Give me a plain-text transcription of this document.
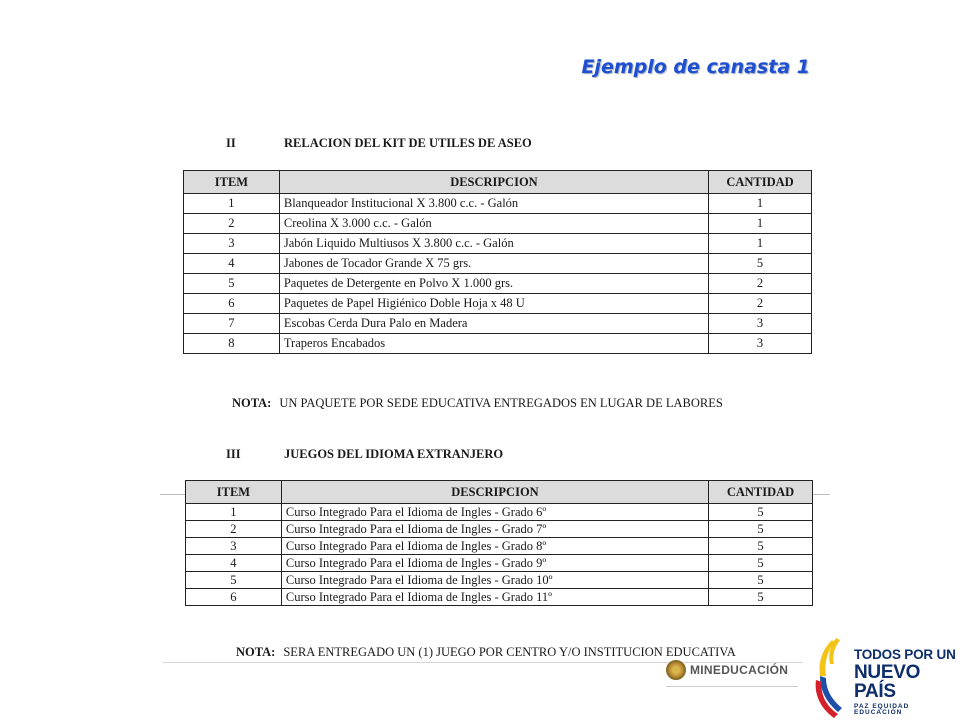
Ejemplo de canasta 1
II	RELACION DEL KIT DE UTILES DE ASEO
ITEM	DESCRIPCION	CANTIDAD
1	Blanqueador Institucional X 3.800 c.c. - Galón	1
2	Creolina X 3.000 c.c. - Galón	1
3	Jabón Liquido Multiusos X 3.800 c.c. - Galón	1
4	Jabones de Tocador Grande X 75 grs.	5
5	Paquetes de Detergente en Polvo X 1.000 grs.	2
6	Paquetes de Papel Higiénico Doble Hoja x 48 U	2
7	Escobas Cerda Dura Palo en Madera	3
8	Traperos Encabados	3
NOTA: UN PAQUETE POR SEDE EDUCATIVA ENTREGADOS EN LUGAR DE LABORES
III	JUEGOS DEL IDIOMA EXTRANJERO
ITEM	DESCRIPCION	CANTIDAD
1	Curso Integrado Para el Idioma de Ingles - Grado 6º	5
2	Curso Integrado Para el Idioma de Ingles - Grado 7º	5
3	Curso Integrado Para el Idioma de Ingles - Grado 8º	5
4	Curso Integrado Para el Idioma de Ingles - Grado 9º	5
5	Curso Integrado Para el Idioma de Ingles - Grado 10º	5
6	Curso Integrado Para el Idioma de Ingles - Grado 11º	5
NOTA: SERA ENTREGADO UN (1) JUEGO POR CENTRO Y/O INSTITUCION EDUCATIVA
MINEDUCACIÓN
TODOS POR UN
NUEVO PAÍS
PAZ EQUIDAD EDUCACIÓN
